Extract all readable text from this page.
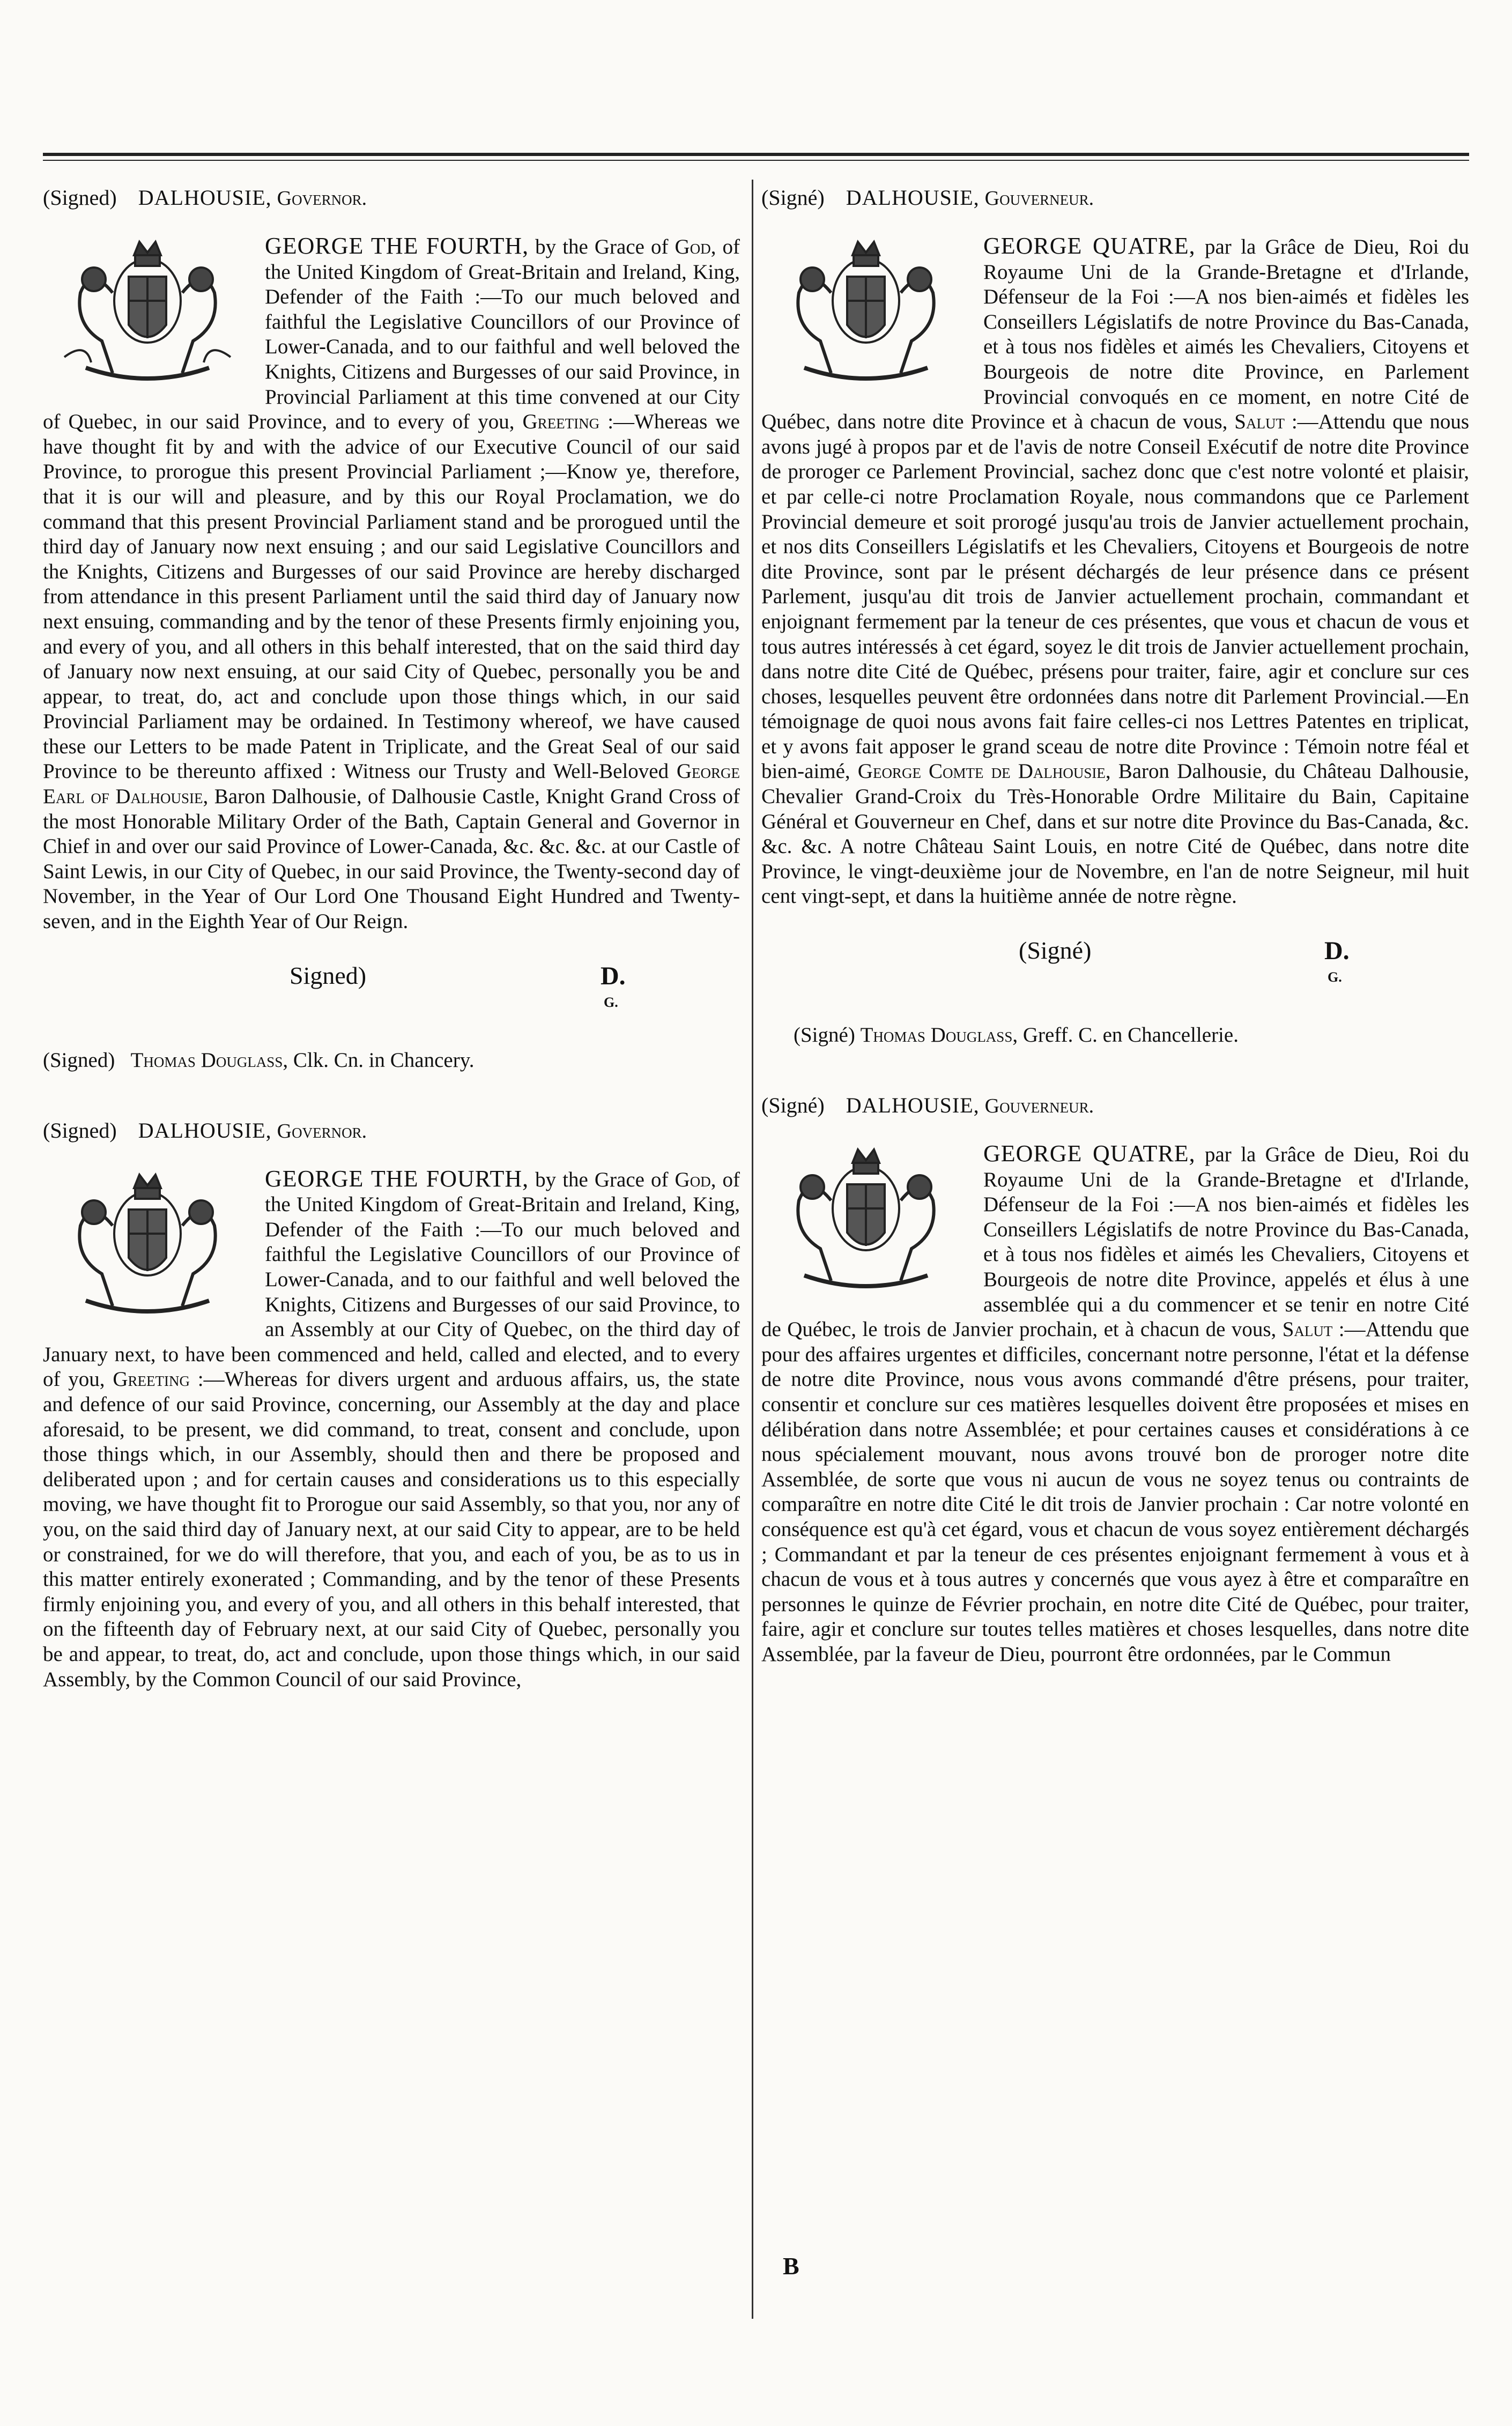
(Signed) DALHOUSIE, Governor.
GEORGE THE FOURTH, by the Grace of God, of the United Kingdom of Great-Britain and Ireland, King, Defender of the Faith :—To our much beloved and faithful the Legislative Councillors of our Province of Lower-Canada, and to our faithful and well beloved the Knights, Citizens and Burgesses of our said Province, in Provincial Parliament at this time convened at our City of Quebec, in our said Province, and to every of you, Greeting :—Whereas we have thought fit by and with the advice of our Executive Council of our said Province, to prorogue this present Provincial Parliament ;—Know ye, therefore, that it is our will and pleasure, and by this our Royal Proclamation, we do command that this present Provincial Parliament stand and be prorogued until the third day of January now next ensuing ; and our said Legislative Councillors and the Knights, Citizens and Burgesses of our said Province are hereby discharged from attendance in this present Parliament until the said third day of January now next ensuing, commanding and by the tenor of these Presents firmly enjoining you, and every of you, and all others in this behalf interested, that on the said third day of January now next ensuing, at our said City of Quebec, personally you be and appear, to treat, do, act and conclude upon those things which, in our said Provincial Parliament may be ordained. In Testimony whereof, we have caused these our Letters to be made Patent in Triplicate, and the Great Seal of our said Province to be thereunto affixed : Witness our Trusty and Well-Beloved George Earl of Dalhousie, Baron Dalhousie, of Dalhousie Castle, Knight Grand Cross of the most Honorable Military Order of the Bath, Captain General and Governor in Chief in and over our said Province of Lower-Canada, &c. &c. &c. at our Castle of Saint Lewis, in our City of Quebec, in our said Province, the Twenty-second day of November, in the Year of Our Lord One Thousand Eight Hundred and Twenty-seven, and in the Eighth Year of Our Reign.
Signed)	D.
G.
(Signed) Thomas Douglass, Clk. Cn. in Chancery.
(Signed) DALHOUSIE, Governor.
GEORGE THE FOURTH, by the Grace of God, of the United Kingdom of Great-Britain and Ireland, King, Defender of the Faith :—To our much beloved and faithful the Legislative Councillors of our Province of Lower-Canada, and to our faithful and well beloved the Knights, Citizens and Burgesses of our said Province, to an Assembly at our City of Quebec, on the third day of January next, to have been commenced and held, called and elected, and to every of you, Greeting :—Whereas for divers urgent and arduous affairs, us, the state and defence of our said Province, concerning, our Assembly at the day and place aforesaid, to be present, we did command, to treat, consent and conclude, upon those things which, in our Assembly, should then and there be proposed and deliberated upon ; and for certain causes and considerations us to this especially moving, we have thought fit to Prorogue our said Assembly, so that you, nor any of you, on the said third day of January next, at our said City to appear, are to be held or constrained, for we do will therefore, that you, and each of you, be as to us in this matter entirely exonerated ; Commanding, and by the tenor of these Presents firmly enjoining you, and every of you, and all others in this behalf interested, that on the fifteenth day of February next, at our said City of Quebec, personally you be and appear, to treat, do, act and conclude, upon those things which, in our said Assembly, by the Common Council of our said Province,
(Signé) DALHOUSIE, Gouverneur.
GEORGE QUATRE, par la Grâce de Dieu, Roi du Royaume Uni de la Grande-Bretagne et d'Irlande, Défenseur de la Foi :—A nos bien-aimés et fidèles les Conseillers Législatifs de notre Province du Bas-Canada, et à tous nos fidèles et aimés les Chevaliers, Citoyens et Bourgeois de notre dite Province, en Parlement Provincial convoqués en ce moment, en notre Cité de Québec, dans notre dite Province et à chacun de vous, Salut :—Attendu que nous avons jugé à propos par et de l'avis de notre Conseil Exécutif de notre dite Province de proroger ce Parlement Provincial, sachez donc que c'est notre volonté et plaisir, et par celle-ci notre Proclamation Royale, nous commandons que ce Parlement Provincial demeure et soit prorogé jusqu'au trois de Janvier actuellement prochain, et nos dits Conseillers Législatifs et les Chevaliers, Citoyens et Bourgeois de notre dite Province, sont par le présent déchargés de leur présence dans ce présent Parlement, jusqu'au dit trois de Janvier actuellement prochain, commandant et enjoignant fermement par la teneur de ces présentes, que vous et chacun de vous et tous autres intéressés à cet égard, soyez le dit trois de Janvier actuellement prochain, dans notre dite Cité de Québec, présens pour traiter, faire, agir et conclure sur ces choses, lesquelles peuvent être ordonnées dans notre dit Parlement Provincial.—En témoignage de quoi nous avons fait faire celles-ci nos Lettres Patentes en triplicat, et y avons fait apposer le grand sceau de notre dite Province : Témoin notre féal et bien-aimé, George Comte de Dalhousie, Baron Dalhousie, du Château Dalhousie, Chevalier Grand-Croix du Très-Honorable Ordre Militaire du Bain, Capitaine Général et Gouverneur en Chef, dans et sur notre dite Province du Bas-Canada, &c. &c. &c. A notre Château Saint Louis, en notre Cité de Québec, dans notre dite Province, le vingt-deuxième jour de Novembre, en l'an de notre Seigneur, mil huit cent vingt-sept, et dans la huitième année de notre règne.
(Signé)	D.
G.
(Signé) Thomas Douglass, Greff. C. en Chancellerie.
(Signé) DALHOUSIE, Gouverneur.
GEORGE QUATRE, par la Grâce de Dieu, Roi du Royaume Uni de la Grande-Bretagne et d'Irlande, Défenseur de la Foi :—A nos bien-aimés et fidèles les Conseillers Législatifs de notre Province du Bas-Canada, et à tous nos fidèles et aimés les Chevaliers, Citoyens et Bourgeois de notre dite Province, appelés et élus à une assemblée qui a du commencer et se tenir en notre Cité de Québec, le trois de Janvier prochain, et à chacun de vous, Salut :—Attendu que pour des affaires urgentes et difficiles, concernant notre personne, l'état et la défense de notre dite Province, nous vous avons commandé d'être présens, pour traiter, consentir et conclure sur ces matières lesquelles doivent être proposées et mises en délibération dans notre Assemblée; et pour certaines causes et considérations à ce nous spécialement mouvant, nous avons trouvé bon de proroger notre dite Assemblée, de sorte que vous ni aucun de vous ne soyez tenus ou contraints de comparaître en notre dite Cité le dit trois de Janvier prochain : Car notre volonté en conséquence est qu'à cet égard, vous et chacun de vous soyez entièrement déchargés ; Commandant et par la teneur de ces présentes enjoignant fermement à vous et à chacun de vous et à tous autres y concernés que vous ayez à être et comparaître en personnes le quinze de Février prochain, en notre dite Cité de Québec, pour traiter, faire, agir et conclure sur toutes telles matières et choses lesquelles, dans notre dite Assemblée, par la faveur de Dieu, pourront être ordonnées, par le Commun
B
